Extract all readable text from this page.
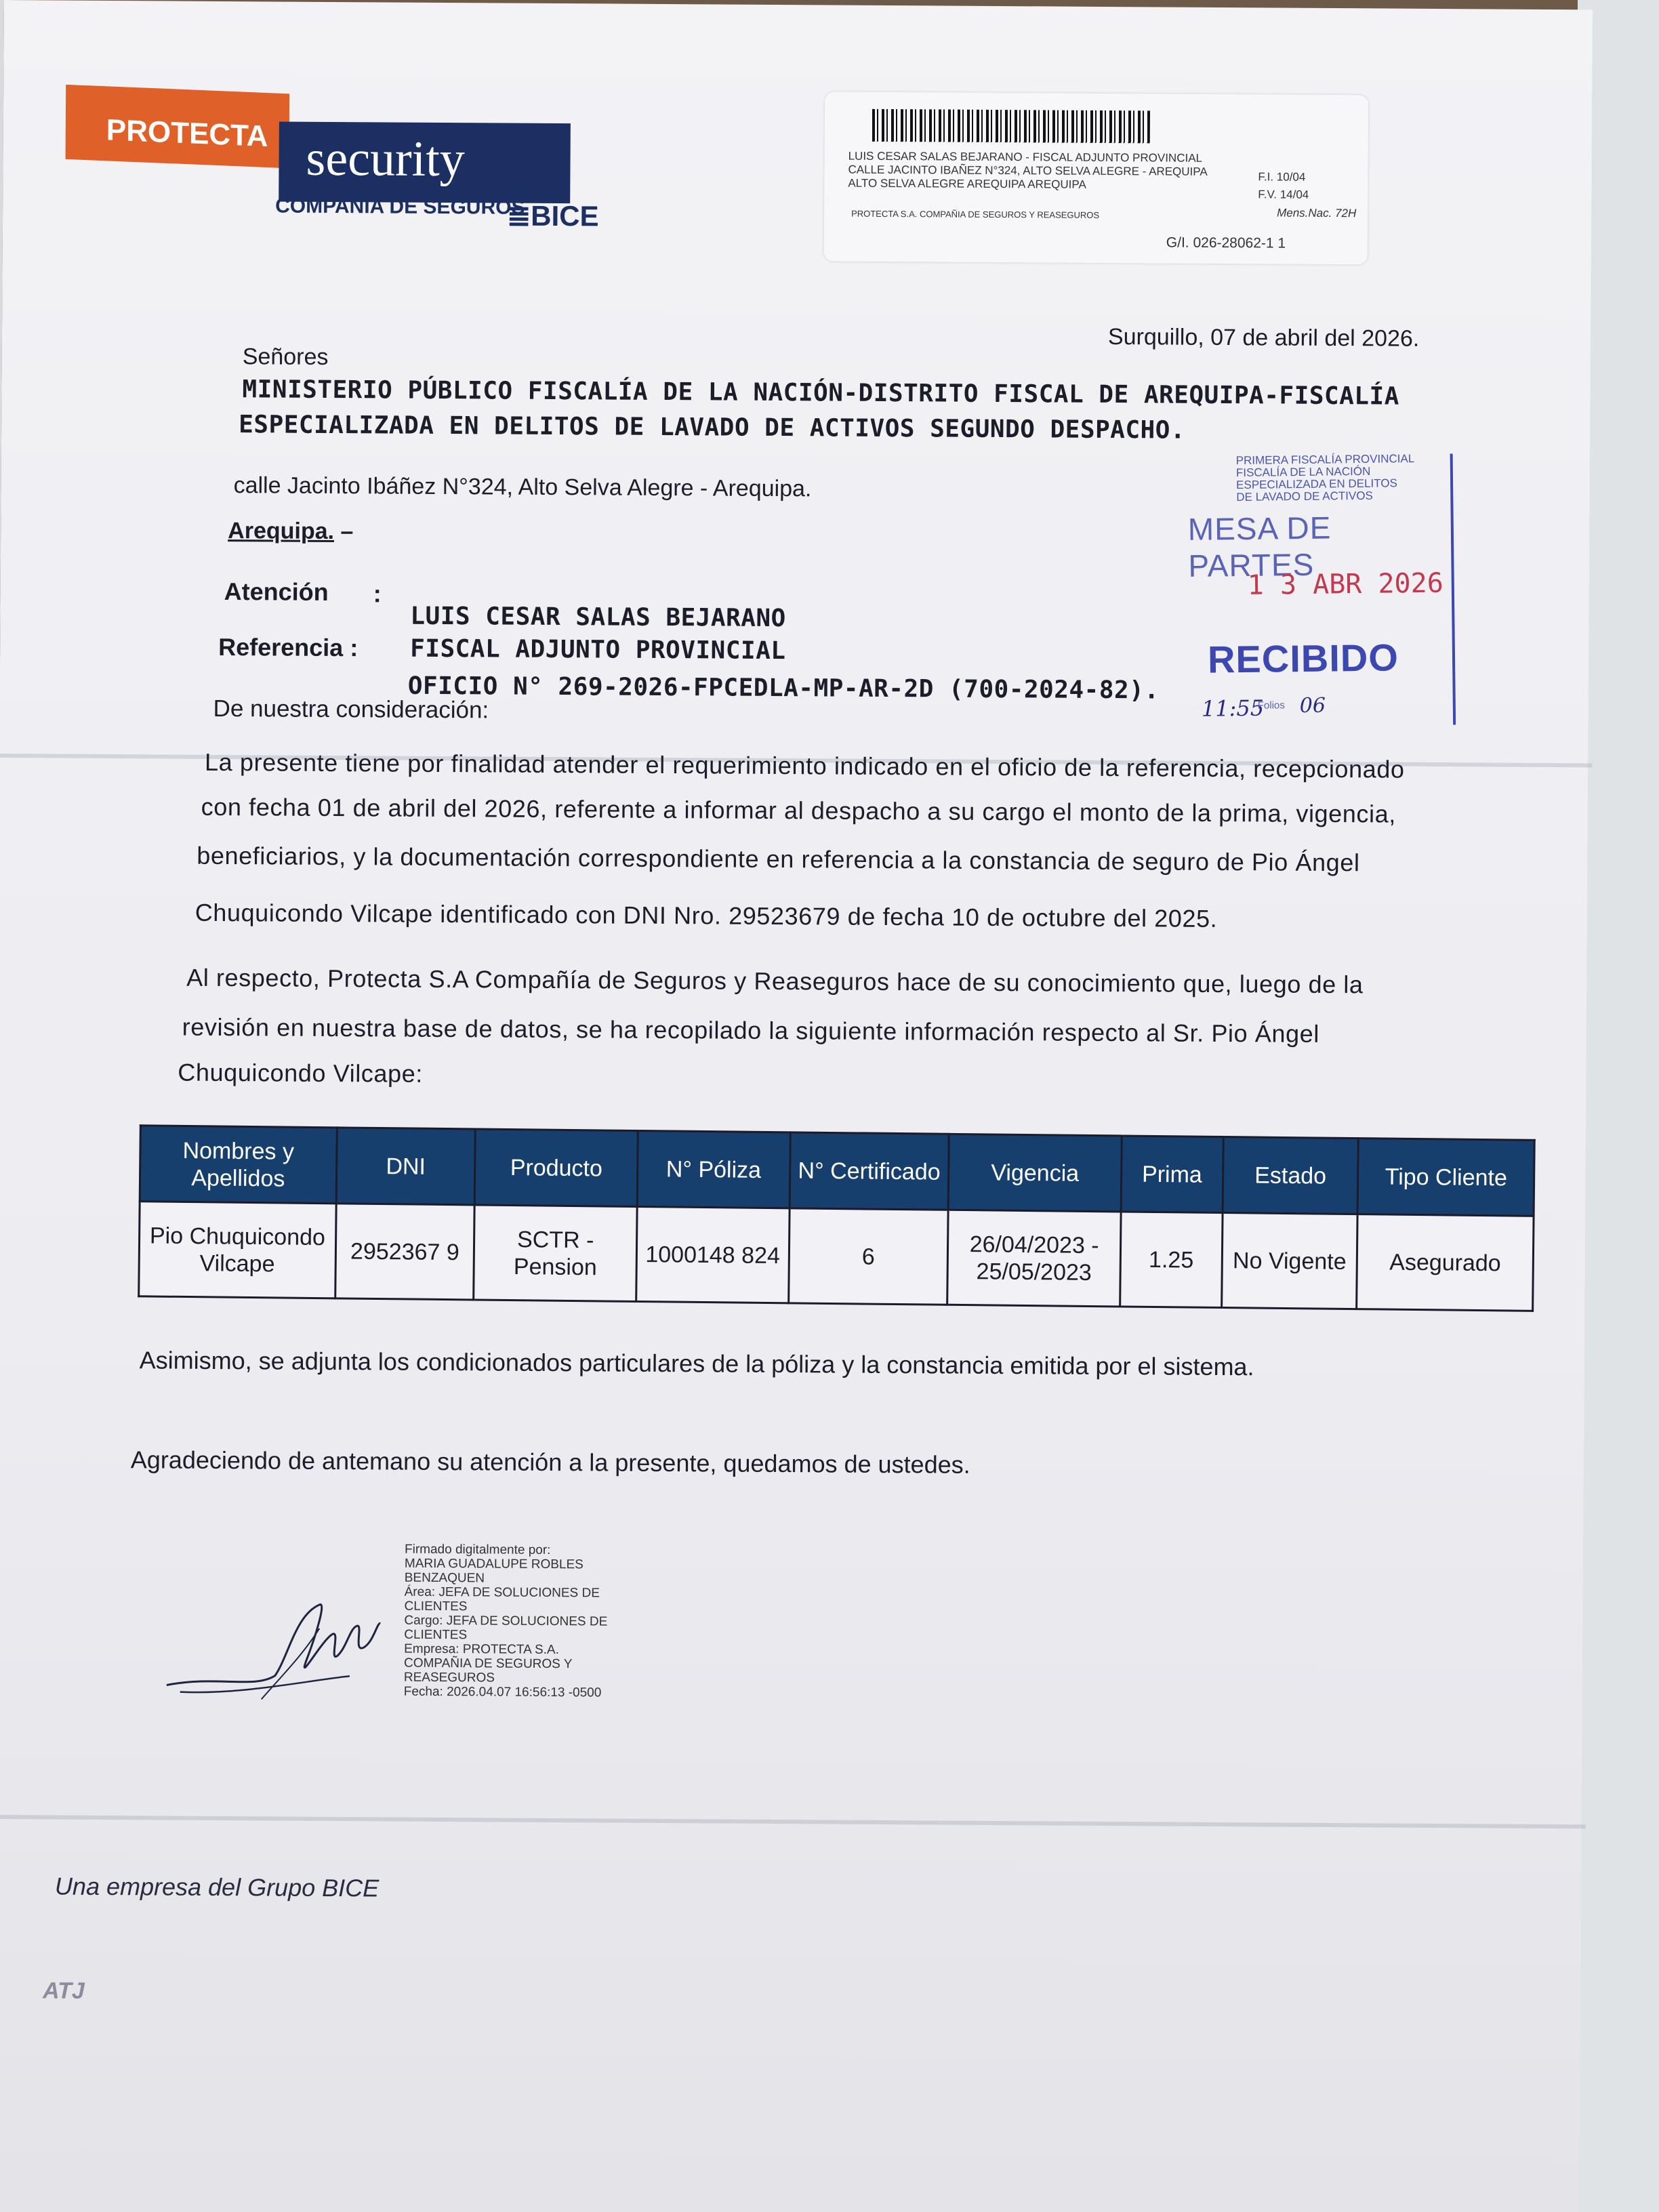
PROTECTA security
COMPAÑÍA DE SEGUROS
de
≣BICE
LUIS CESAR SALAS BEJARANO - FISCAL ADJUNTO PROVINCIAL
CALLE JACINTO IBAÑEZ N°324, ALTO SELVA ALEGRE - AREQUIPA
ALTO SELVA ALEGRE AREQUIPA AREQUIPA
PROTECTA S.A. COMPAÑIA DE SEGUROS Y REASEGUROS
F.I. 10/04
F.V. 14/04
Mens.Nac. 72H
G/I. 026-28062-1 1
Surquillo, 07 de abril del 2026.
Señores
MINISTERIO PÚBLICO FISCALÍA DE LA NACIÓN-DISTRITO FISCAL DE AREQUIPA-FISCALÍA
ESPECIALIZADA EN DELITOS DE LAVADO DE ACTIVOS SEGUNDO DESPACHO.
calle Jacinto Ibáñez N°324, Alto Selva Alegre - Arequipa.
Arequipa. –
Atención :
LUIS CESAR SALAS BEJARANO
FISCAL ADJUNTO PROVINCIAL
Referencia :
OFICIO N° 269-2026-FPCEDLA-MP-AR-2D (700-2024-82).
De nuestra consideración:
La presente tiene por finalidad atender el requerimiento indicado en el oficio de la referencia, recepcionado
con fecha 01 de abril del 2026, referente a informar al despacho a su cargo el monto de la prima, vigencia,
beneficiarios, y la documentación correspondiente en referencia a la constancia de seguro de Pio Ángel
Chuquicondo Vilcape identificado con DNI Nro. 29523679 de fecha 10 de octubre del 2025.
Al respecto, Protecta S.A Compañía de Seguros y Reaseguros hace de su conocimiento que, luego de la
revisión en nuestra base de datos, se ha recopilado la siguiente información respecto al Sr. Pio Ángel
Chuquicondo Vilcape:
PRIMERA FISCALÍA PROVINCIAL
FISCALÍA DE LA NACIÓN
ESPECIALIZADA EN DELITOS
DE LAVADO DE ACTIVOS
MESA DE PARTES
1 3 ABR 2026
RECIBIDO
11:55
Folios 06
Nombres y Apellidos	DNI	Producto	N° Póliza	N° Certificado	Vigencia	Prima	Estado	Tipo Cliente
Pio Chuquicondo Vilcape	2952367 9	SCTR - Pension	1000148 824	6	26/04/2023 - 25/05/2023	1.25	No Vigente	Asegurado
Asimismo, se adjunta los condicionados particulares de la póliza y la constancia emitida por el sistema.
Agradeciendo de antemano su atención a la presente, quedamos de ustedes.
Firmado digitalmente por:
MARIA GUADALUPE ROBLES
BENZAQUEN
Área: JEFA DE SOLUCIONES DE
CLIENTES
Cargo: JEFA DE SOLUCIONES DE
CLIENTES
Empresa: PROTECTA S.A.
COMPAÑIA DE SEGUROS Y
REASEGUROS
Fecha: 2026.04.07 16:56:13 -0500
Una empresa del Grupo BICE
ATJ
